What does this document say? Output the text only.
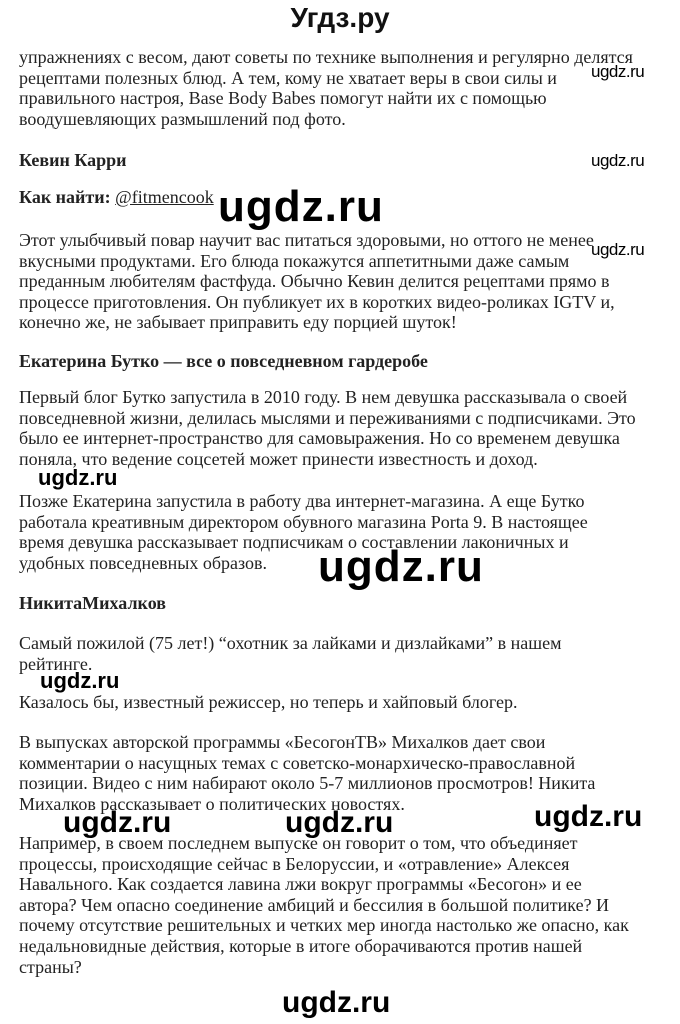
Угдз.ру
упражнениях с весом, дают советы по технике выполнения и регулярно делятся
рецептами полезных блюд. А тем, кому не хватает веры в свои силы и
правильного настроя, Base Body Babes помогут найти их с помощью
воодушевляющих размышлений под фото.
Кевин Карри
Как найти: @fitmencook
Этот улыбчивый повар научит вас питаться здоровыми, но оттого не менее
вкусными продуктами. Его блюда покажутся аппетитными даже самым
преданным любителям фастфуда. Обычно Кевин делится рецептами прямо в
процессе приготовления. Он публикует их в коротких видео-роликах IGTV и,
конечно же, не забывает приправить еду порцией шуток!
Екатерина Бутко — все о повседневном гардеробе
Первый блог Бутко запустила в 2010 году. В нем девушка рассказывала о своей
повседневной жизни, делилась мыслями и переживаниями с подписчиками. Это
было ее интернет-пространство для самовыражения. Но со временем девушка
поняла, что ведение соцсетей может принести известность и доход.
Позже Екатерина запустила в работу два интернет-магазина. А еще Бутко
работала креативным директором обувного магазина Porta 9. В настоящее
время девушка рассказывает подписчикам о составлении лаконичных и
удобных повседневных образов.
НикитаМихалков
Самый пожилой (75 лет!) “охотник за лайками и дизлайками” в нашем
рейтинге.
Казалось бы, известный режиссер, но теперь и хайповый блогер.
В выпусках авторской программы «БесогонТВ» Михалков дает свои
комментарии о насущных темах с советско-монархическо-православной
позиции. Видео с ним набирают около 5-7 миллионов просмотров! Никита
Михалков рассказывает о политических новостях.
Например, в своем последнем выпуске он говорит о том, что объединяет
процессы, происходящие сейчас в Белоруссии, и «отравление» Алексея
Навального. Как создается лавина лжи вокруг программы «Бесогон» и ее
автора? Чем опасно соединение амбиций и бессилия в большой политике? И
почему отсутствие решительных и четких мер иногда настолько же опасно, как
недальновидные действия, которые в итоге оборачиваются против нашей
страны?
ugdz.ru
ugdz.ru
ugdz.ru
ugdz.ru
ugdz.ru
ugdz.ru
ugdz.ru
ugdz.ru	ugdz.ru	ugdz.ru
ugdz.ru
